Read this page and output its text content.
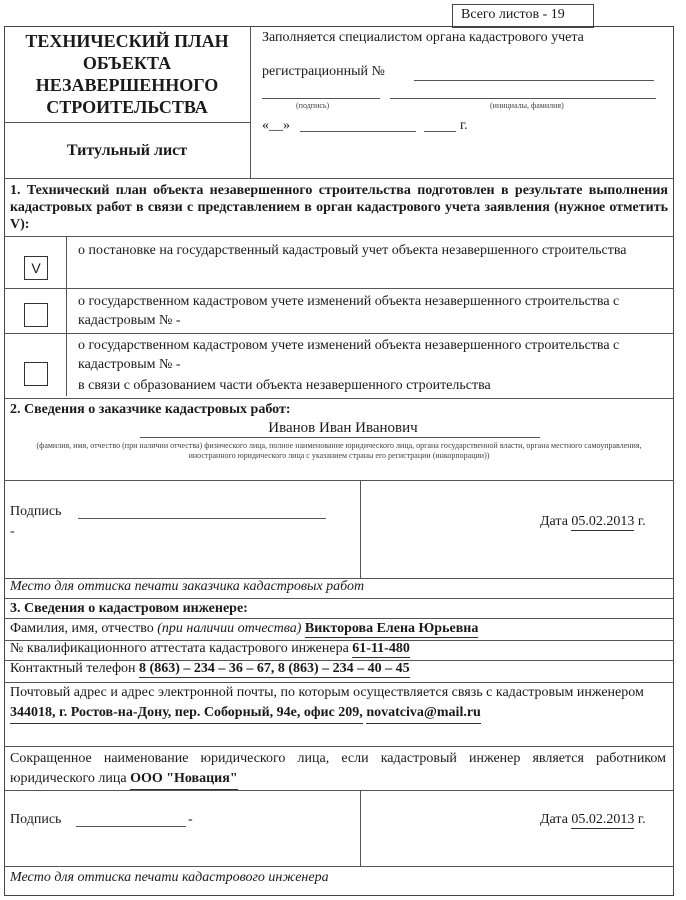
Всего листов - 19
ТЕХНИЧЕСКИЙ ПЛАН ОБЪЕКТА НЕЗАВЕРШЕННОГО СТРОИТЕЛЬСТВА
Титульный лист
Заполняется специалистом органа кадастрового учета
регистрационный №
(подпись)	(инициалы, фамилия)
«__»	г.
1. Технический план объекта незавершенного строительства подготовлен в результате выполнения кадастровых работ в связи с представлением в орган кадастрового учета заявления (нужное отметить V):
V
о постановке на государственный кадастровый учет объекта незавершенного строительства
о государственном кадастровом учете изменений объекта незавершенного строительства с кадастровым № -
о государственном кадастровом учете изменений объекта незавершенного строительства с кадастровым № -
в связи с образованием части объекта незавершенного строительства
2. Сведения о заказчике кадастровых работ:
Иванов Иван Иванович
(фамилия, имя, отчество (при наличии отчества) физического лица, полное наименование юридического лица, органа государственной власти, органа местного самоуправления, иностранного юридического лица с указанием страны его регистрации (инкорпорации))
Подпись
-
Дата 05.02.2013 г.
Место для оттиска печати заказчика кадастровых работ
3. Сведения о кадастровом инженере:
Фамилия, имя, отчество (при наличии отчества) Викторова Елена Юрьевна
№ квалификационного аттестата кадастрового инженера 61-11-480
Контактный телефон 8 (863) – 234 – 36 – 67, 8 (863) – 234 – 40 – 45
Почтовый адрес и адрес электронной почты, по которым осуществляется связь с кадастровым инженером 344018, г. Ростов-на-Дону, пер. Соборный, 94е, офис 209, novatciva@mail.ru
Сокращенное наименование юридического лица, если кадастровый инженер является работником юридического лица ООО "Новация"
Подпись	-	Дата 05.02.2013 г.
Место для оттиска печати кадастрового инженера
